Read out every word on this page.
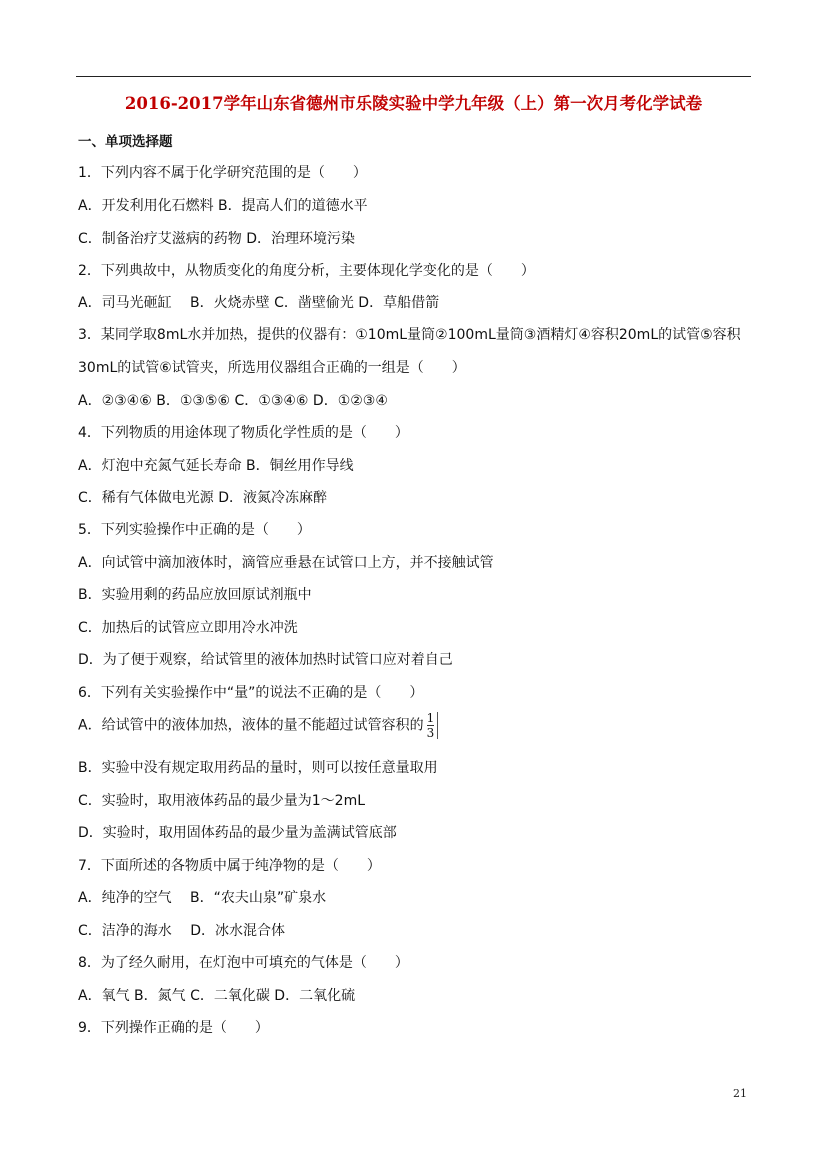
2016-2017学年山东省德州市乐陵实验中学九年级（上）第一次月考化学试卷
一、单项选择题
1．下列内容不属于化学研究范围的是（　　）
A．开发利用化石燃料 B．提高人们的道德水平
C．制备治疗艾滋病的药物 D．治理环境污染
2．下列典故中，从物质变化的角度分析，主要体现化学变化的是（　　）
A．司马光砸缸　 B．火烧赤壁 C．凿壁偷光 D．草船借箭
3．某同学取8mL水并加热，提供的仪器有：①10mL量筒②100mL量筒③酒精灯④容积20mL的试管⑤容积
30mL的试管⑥试管夹，所选用仪器组合正确的一组是（　　）
A．②③④⑥ B．①③⑤⑥ C．①③④⑥ D．①②③④
4．下列物质的用途体现了物质化学性质的是（　　）
A．灯泡中充氮气延长寿命 B．铜丝用作导线
C．稀有气体做电光源 D．液氮冷冻麻醉
5．下列实验操作中正确的是（　　）
A．向试管中滴加液体时，滴管应垂悬在试管口上方，并不接触试管
B．实验用剩的药品应放回原试剂瓶中
C．加热后的试管应立即用冷水冲洗
D．为了便于观察，给试管里的液体加热时试管口应对着自己
6．下列有关实验操作中“量”的说法不正确的是（　　）
A．给试管中的液体加热，液体的量不能超过试管容积的 $\frac{1}{3}$
B．实验中没有规定取用药品的量时，则可以按任意量取用
C．实验时，取用液体药品的最少量为1～2mL
D．实验时，取用固体药品的最少量为盖满试管底部
7．下面所述的各物质中属于纯净物的是（　　）
A．纯净的空气　 B．“农夫山泉”矿泉水
C．洁净的海水　 D．冰水混合体
8．为了经久耐用，在灯泡中可填充的气体是（　　）
A．氧气 B．氮气 C．二氧化碳 D．二氧化硫
9．下列操作正确的是（　　）
21
